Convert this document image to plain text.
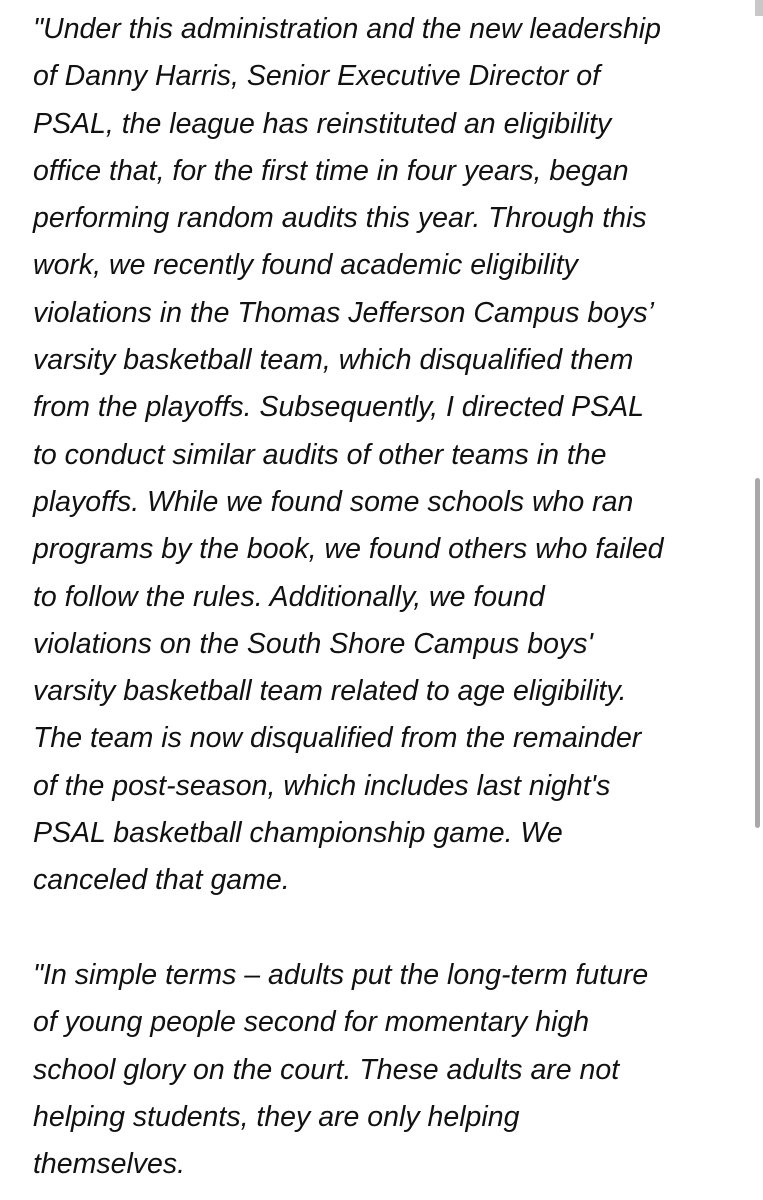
"Under this administration and the new leadership
of Danny Harris, Senior Executive Director of
PSAL, the league has reinstituted an eligibility
office that, for the first time in four years, began
performing random audits this year. Through this
work, we recently found academic eligibility
violations in the Thomas Jefferson Campus boys’
varsity basketball team, which disqualified them
from the playoffs. Subsequently, I directed PSAL
to conduct similar audits of other teams in the
playoffs. While we found some schools who ran
programs by the book, we found others who failed
to follow the rules. Additionally, we found
violations on the South Shore Campus boys'
varsity basketball team related to age eligibility.
The team is now disqualified from the remainder
of the post-season, which includes last night's
PSAL basketball championship game. We
canceled that game.

"In simple terms – adults put the long-term future
of young people second for momentary high
school glory on the court. These adults are not
helping students, they are only helping
themselves.
